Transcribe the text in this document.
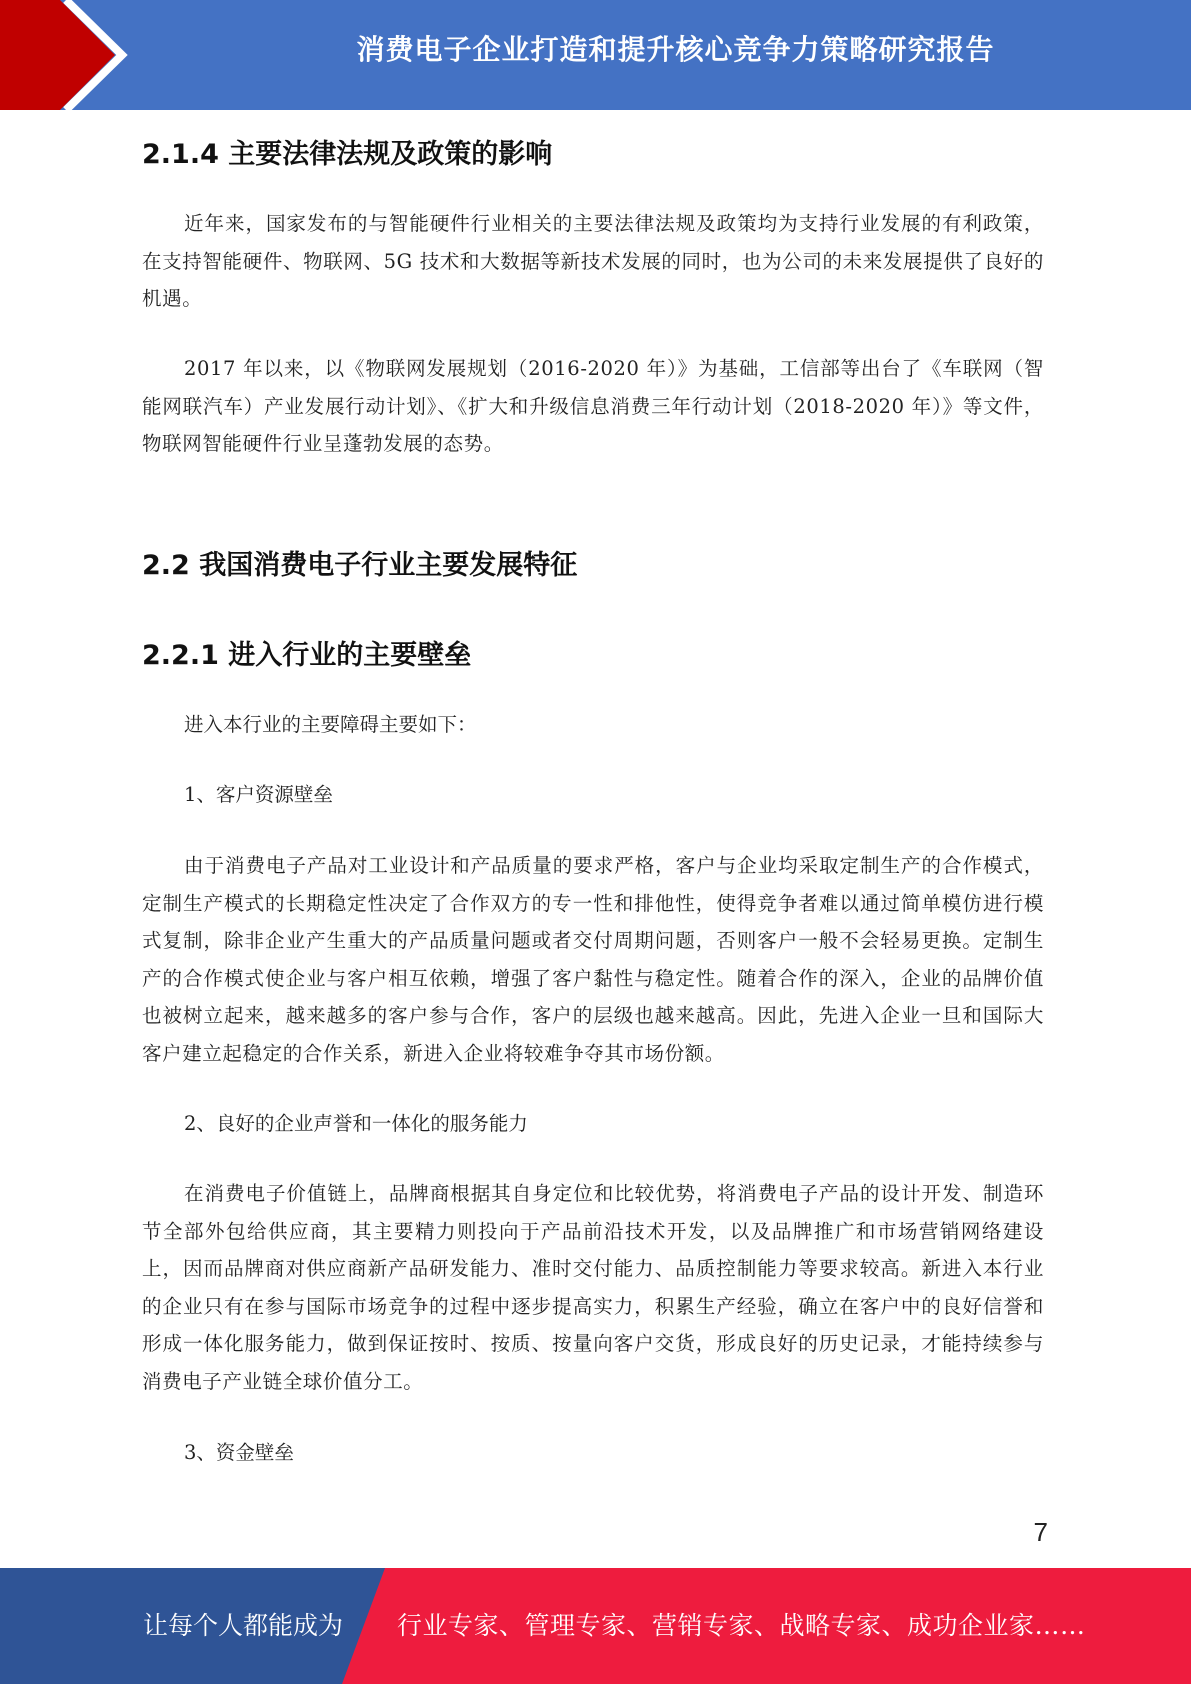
消费电子企业打造和提升核心竞争力策略研究报告
2.1.4 主要法律法规及政策的影响

近年来，国家发布的与智能硬件行业相关的主要法律法规及政策均为支持行业发展的有利政策，在支持智能硬件、物联网、5G 技术和大数据等新技术发展的同时，也为公司的未来发展提供了良好的机遇。

2017 年以来，以《物联网发展规划（2016-2020 年）》为基础，工信部等出台了《车联网（智能网联汽车）产业发展行动计划》、《扩大和升级信息消费三年行动计划（2018-2020 年）》等文件，物联网智能硬件行业呈蓬勃发展的态势。

2.2 我国消费电子行业主要发展特征
2.2.1 进入行业的主要壁垒

进入本行业的主要障碍主要如下：

1、客户资源壁垒

由于消费电子产品对工业设计和产品质量的要求严格，客户与企业均采取定制生产的合作模式，定制生产模式的长期稳定性决定了合作双方的专一性和排他性，使得竞争者难以通过简单模仿进行模式复制，除非企业产生重大的产品质量问题或者交付周期问题，否则客户一般不会轻易更换。定制生产的合作模式使企业与客户相互依赖，增强了客户黏性与稳定性。随着合作的深入，企业的品牌价值也被树立起来，越来越多的客户参与合作，客户的层级也越来越高。因此，先进入企业一旦和国际大客户建立起稳定的合作关系，新进入企业将较难争夺其市场份额。

2、良好的企业声誉和一体化的服务能力

在消费电子价值链上，品牌商根据其自身定位和比较优势，将消费电子产品的设计开发、制造环节全部外包给供应商，其主要精力则投向于产品前沿技术开发，以及品牌推广和市场营销网络建设上，因而品牌商对供应商新产品研发能力、准时交付能力、品质控制能力等要求较高。新进入本行业的企业只有在参与国际市场竞争的过程中逐步提高实力，积累生产经验，确立在客户中的良好信誉和形成一体化服务能力，做到保证按时、按质、按量向客户交货，形成良好的历史记录，才能持续参与消费电子产业链全球价值分工。

3、资金壁垒

7
让每个人都能成为 行业专家、管理专家、营销专家、战略专家、成功企业家……
